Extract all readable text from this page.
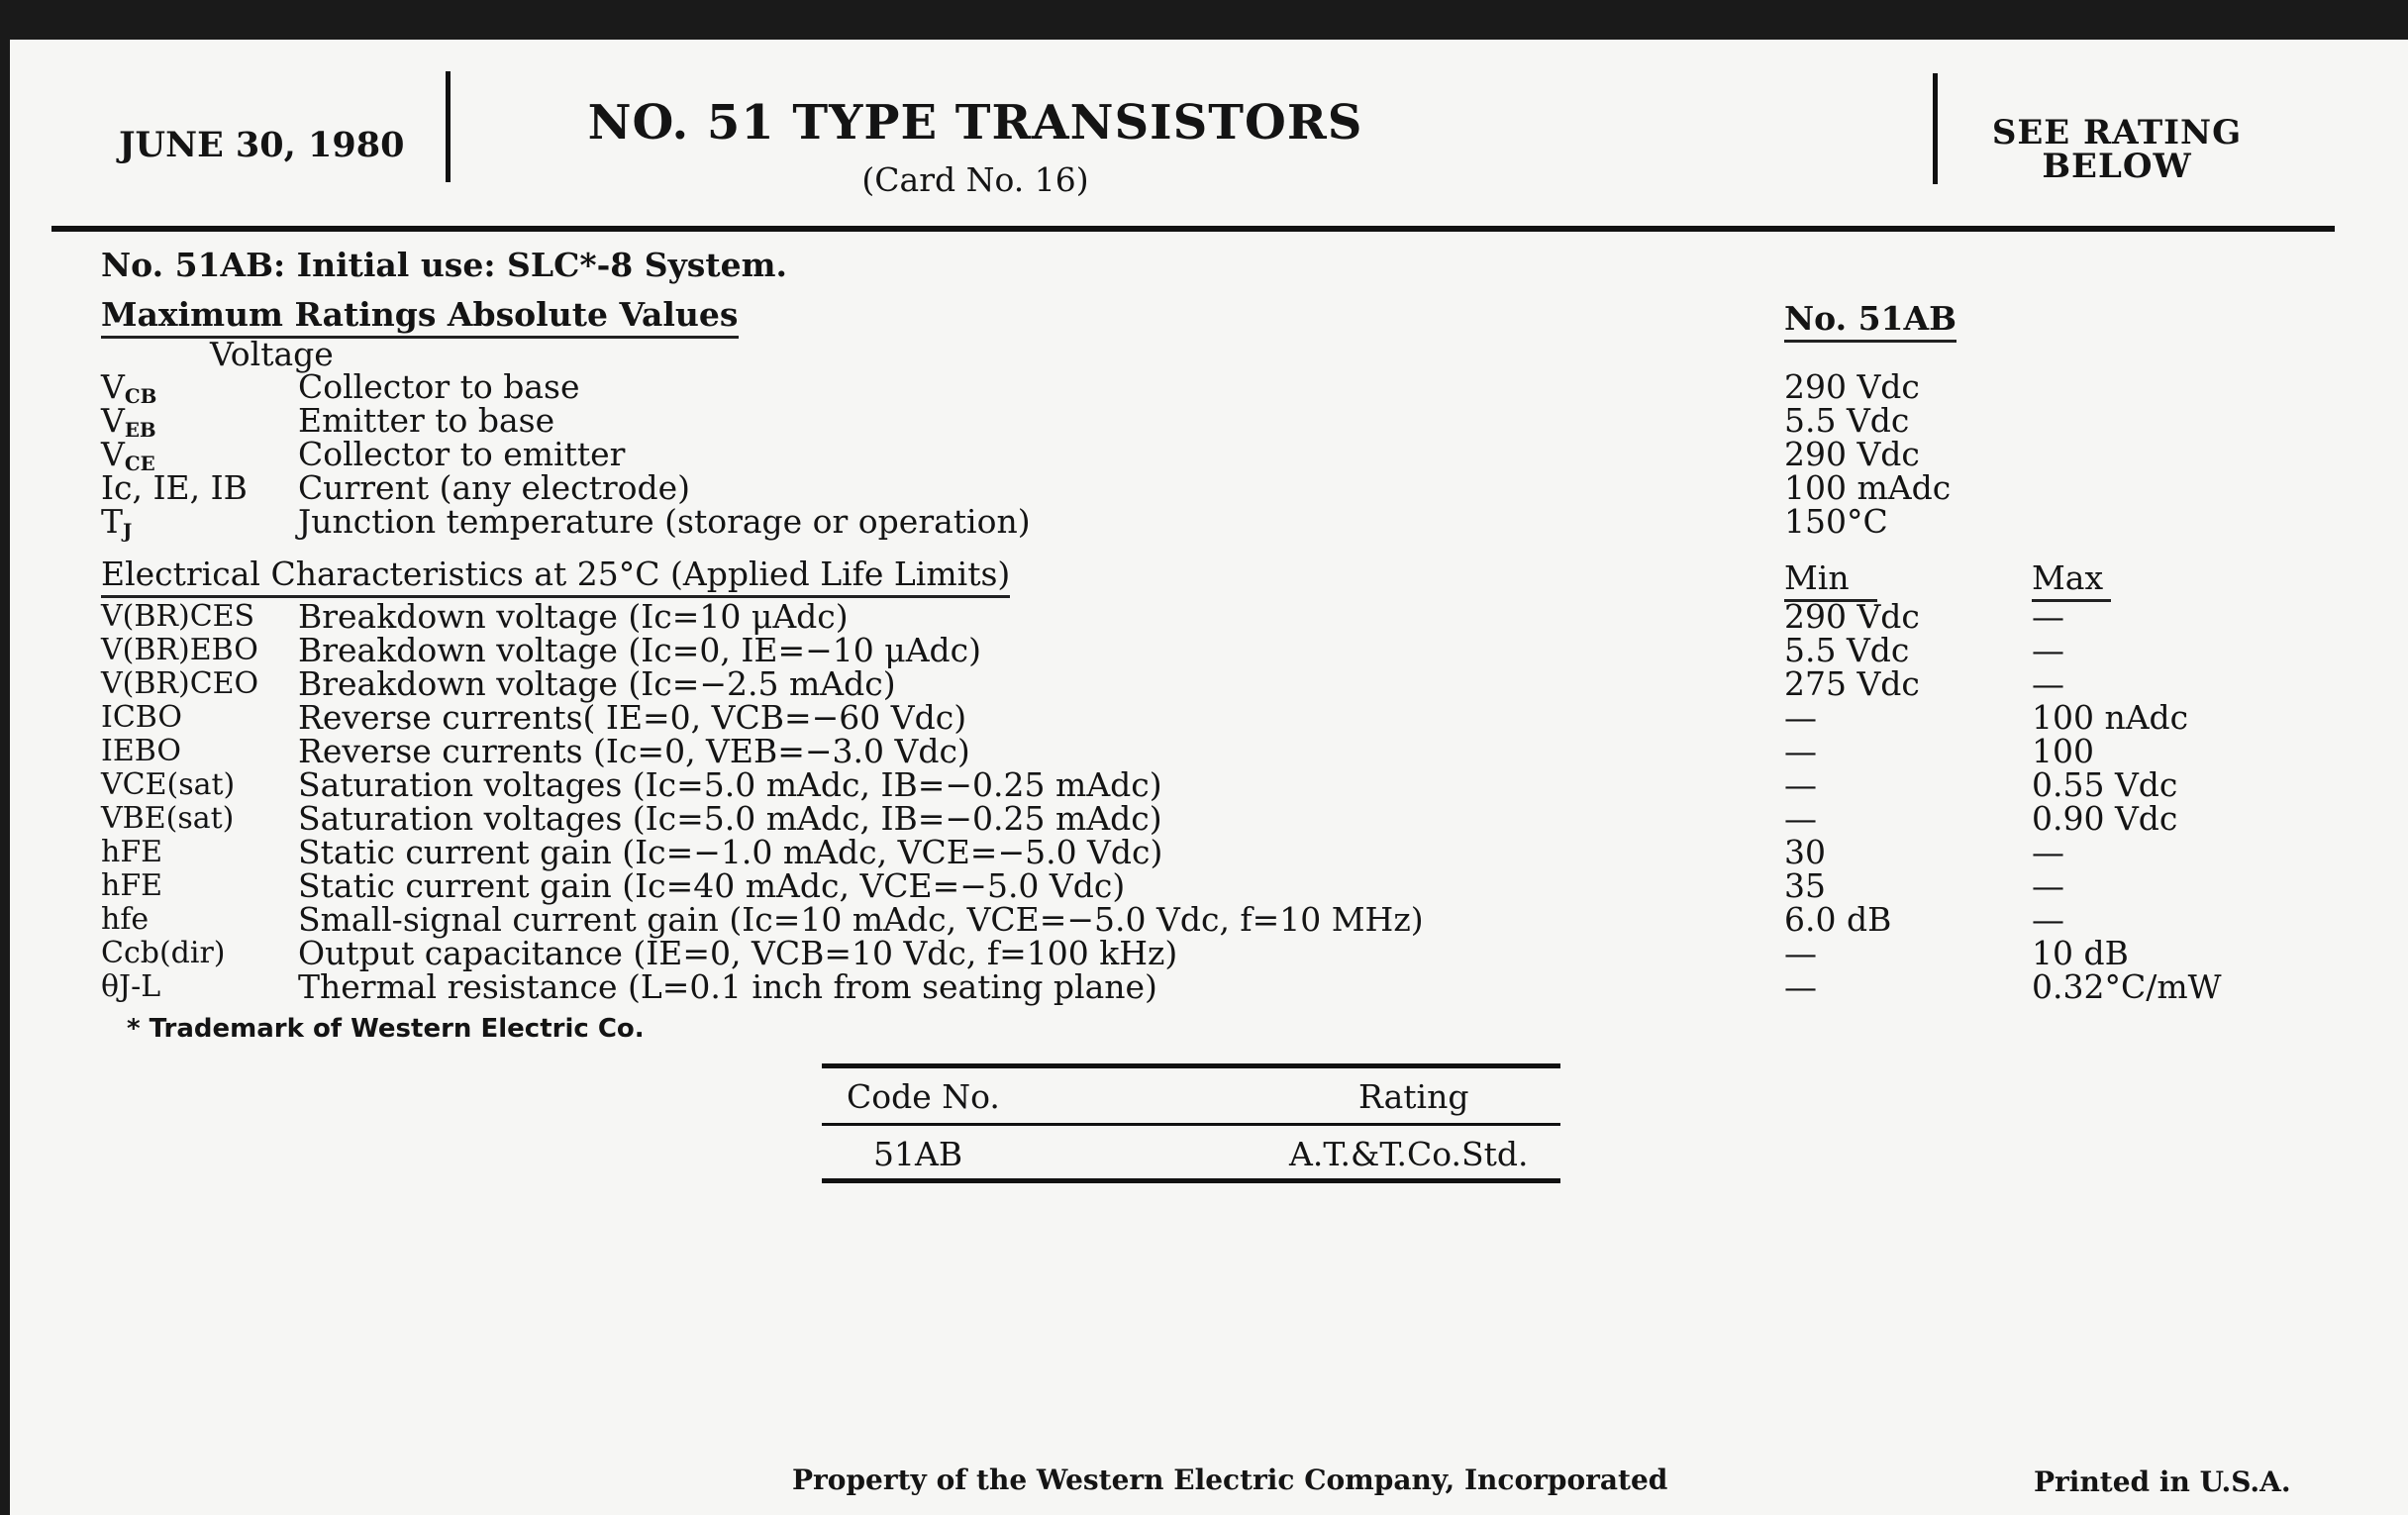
JUNE 30, 1980	NO. 51 TYPE TRANSISTORS
(Card No. 16)
SEE RATING
BELOW
No. 51AB: Initial use: SLC*-8 System.
Maximum Ratings Absolute Values	No. 51AB
Voltage
$V_{CB}$	Collector to base	290 Vdc
$V_{EB}$	Emitter to base	5.5 Vdc
$V_{CE}$	Collector to emitter	290 Vdc
Ic, IE, IB Current (any electrode)	100 mAdc
$T_J$	Junction temperature (storage or operation)	150°C
Electrical Characteristics at 25°C (Applied Life Limits)	Min	Max
V(BR)CES Breakdown voltage (Ic=10 μAdc)	290 Vdc	—
V(BR)EBO Breakdown voltage (Ic=0, IE=−10 μAdc)	5.5 Vdc	—
V(BR)CEO Breakdown voltage (Ic=−2.5 mAdc)	275 Vdc	—
ICBO	Reverse currents( IE=0, VCB=−60 Vdc)	—	100 nAdc
IEBO	Reverse currents (Ic=0, VEB=−3.0 Vdc)	—	100
VCE(sat) Saturation voltages (Ic=5.0 mAdc, IB=−0.25 mAdc)	—	0.55 Vdc
VBE(sat) Saturation voltages (Ic=5.0 mAdc, IB=−0.25 mAdc)	—	0.90 Vdc
hFE	Static current gain (Ic=−1.0 mAdc, VCE=−5.0 Vdc)	30	—
hFE	Static current gain (Ic=40 mAdc, VCE=−5.0 Vdc)	35	—
hfe	Small-signal current gain (Ic=10 mAdc, VCE=−5.0 Vdc, f=10 MHz)	6.0 dB	—
Ccb(dir) Output capacitance (IE=0, VCB=10 Vdc, f=100 kHz)	—	10 dB
θJ-L	Thermal resistance (L=0.1 inch from seating plane)	—	0.32°C/mW
* Trademark of Western Electric Co.
Code No.	Rating
51AB	A.T.&T.Co.Std.
Property of the Western Electric Company, Incorporated	Printed in U.S.A.
